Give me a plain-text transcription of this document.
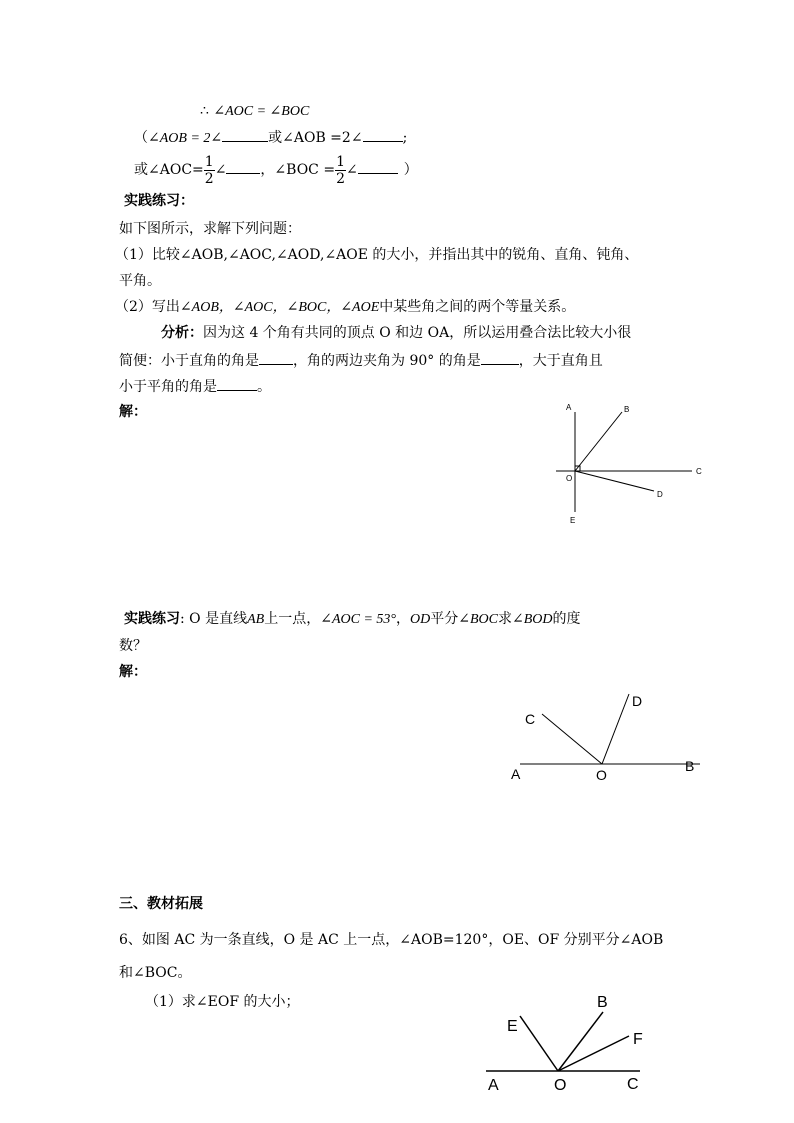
∴ ∠AOC = ∠BOC
（∠AOB = 2∠	或∠AOB =2∠	;
或∠AOC= $\frac{1}{2}$ ∠ ，∠BOC = $\frac{1}{2}$ ∠	）
实践练习：
如下图所示，求解下列问题：
（1）比较∠AOB,∠AOC,∠AOD,∠AOE 的大小，并指出其中的锐角、直角、钝角、
平角。
（2）写出∠AOB，∠AOC，∠BOC，∠AOE中某些角之间的两个等量关系。
分析：因为这 4 个角有共同的顶点 O 和边 OA，所以运用叠合法比较大小很
简便：小于直角的角是 ，角的两边夹角为 90° 的角是	，大于直角且
小于平角的角是	。
解：	A	B
C
D
E
O
实践练习: O 是直线AB上一点，∠AOC = 53°，OD平分∠BOC求∠BOD的度
数？
解：
A	B
C
D
O
三、教材拓展
6、如图 AC 为一条直线，O 是 AC 上一点，∠AOB=120°，OE、OF 分别平分∠AOB
和∠BOC。
（1）求∠EOF 的大小；
A
B
C
E
F
O
